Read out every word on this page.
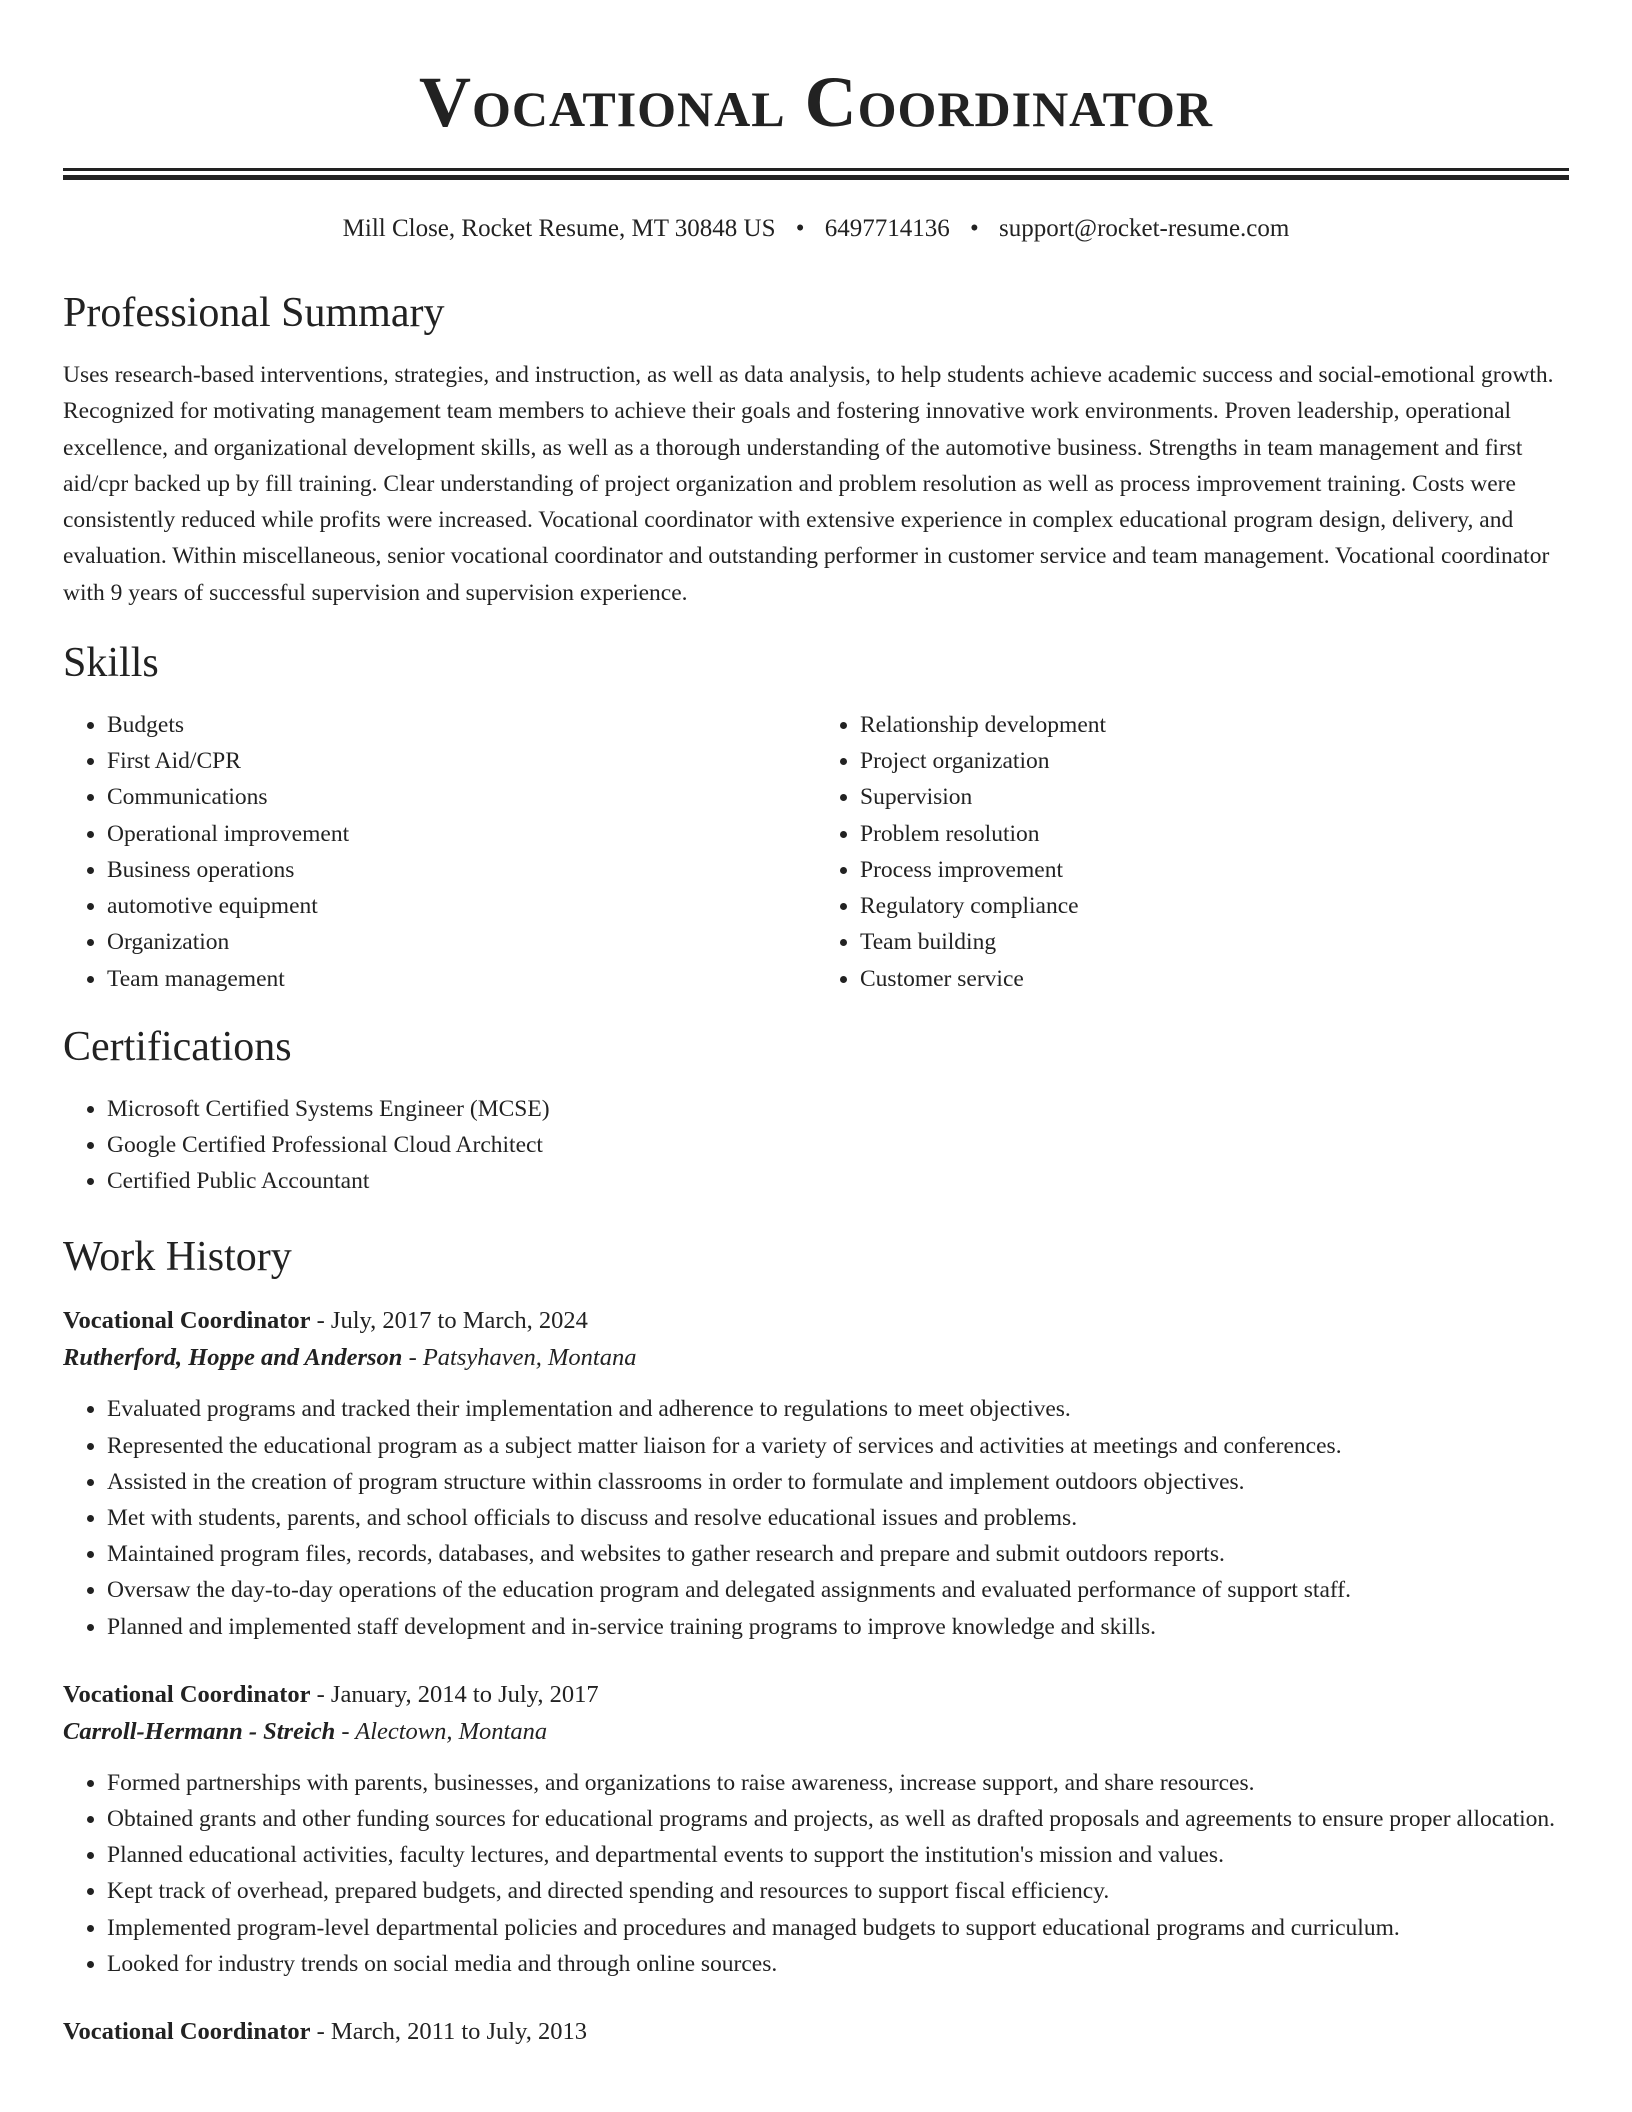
Vocational Coordinator
Mill Close, Rocket Resume, MT 30848 US • 6497714136 • support@rocket-resume.com
Professional Summary

Uses research-based interventions, strategies, and instruction, as well as data analysis, to help students achieve academic success and social-emotional growth. Recognized for motivating management team members to achieve their goals and fostering innovative work environments. Proven leadership, operational excellence, and organizational development skills, as well as a thorough understanding of the automotive business. Strengths in team management and first aid/cpr backed up by fill training. Clear understanding of project organization and problem resolution as well as process improvement training. Costs were consistently reduced while profits were increased. Vocational coordinator with extensive experience in complex educational program design, delivery, and evaluation. Within miscellaneous, senior vocational coordinator and outstanding performer in customer service and team management. Vocational coordinator with 9 years of successful supervision and supervision experience.

Skills
• Budgets
• First Aid/CPR
• Communications
• Operational improvement
• Business operations
• automotive equipment
• Organization
• Team management
• Relationship development
• Project organization
• Supervision
• Problem resolution
• Process improvement
• Regulatory compliance
• Team building
• Customer service
Certifications
• Microsoft Certified Systems Engineer (MCSE)
• Google Certified Professional Cloud Architect
• Certified Public Accountant
Work History
Vocational Coordinator - July, 2017 to March, 2024
Rutherford, Hoppe and Anderson - Patsyhaven, Montana
• Evaluated programs and tracked their implementation and adherence to regulations to meet objectives.
• Represented the educational program as a subject matter liaison for a variety of services and activities at meetings and conferences.
• Assisted in the creation of program structure within classrooms in order to formulate and implement outdoors objectives.
• Met with students, parents, and school officials to discuss and resolve educational issues and problems.
• Maintained program files, records, databases, and websites to gather research and prepare and submit outdoors reports.
• Oversaw the day-to-day operations of the education program and delegated assignments and evaluated performance of support staff.
• Planned and implemented staff development and in-service training programs to improve knowledge and skills.
Vocational Coordinator - January, 2014 to July, 2017
Carroll-Hermann - Streich - Alectown, Montana
• Formed partnerships with parents, businesses, and organizations to raise awareness, increase support, and share resources.
• Obtained grants and other funding sources for educational programs and projects, as well as drafted proposals and agreements to ensure proper allocation.
• Planned educational activities, faculty lectures, and departmental events to support the institution's mission and values.
• Kept track of overhead, prepared budgets, and directed spending and resources to support fiscal efficiency.
• Implemented program-level departmental policies and procedures and managed budgets to support educational programs and curriculum.
• Looked for industry trends on social media and through online sources.
Vocational Coordinator - March, 2011 to July, 2013
